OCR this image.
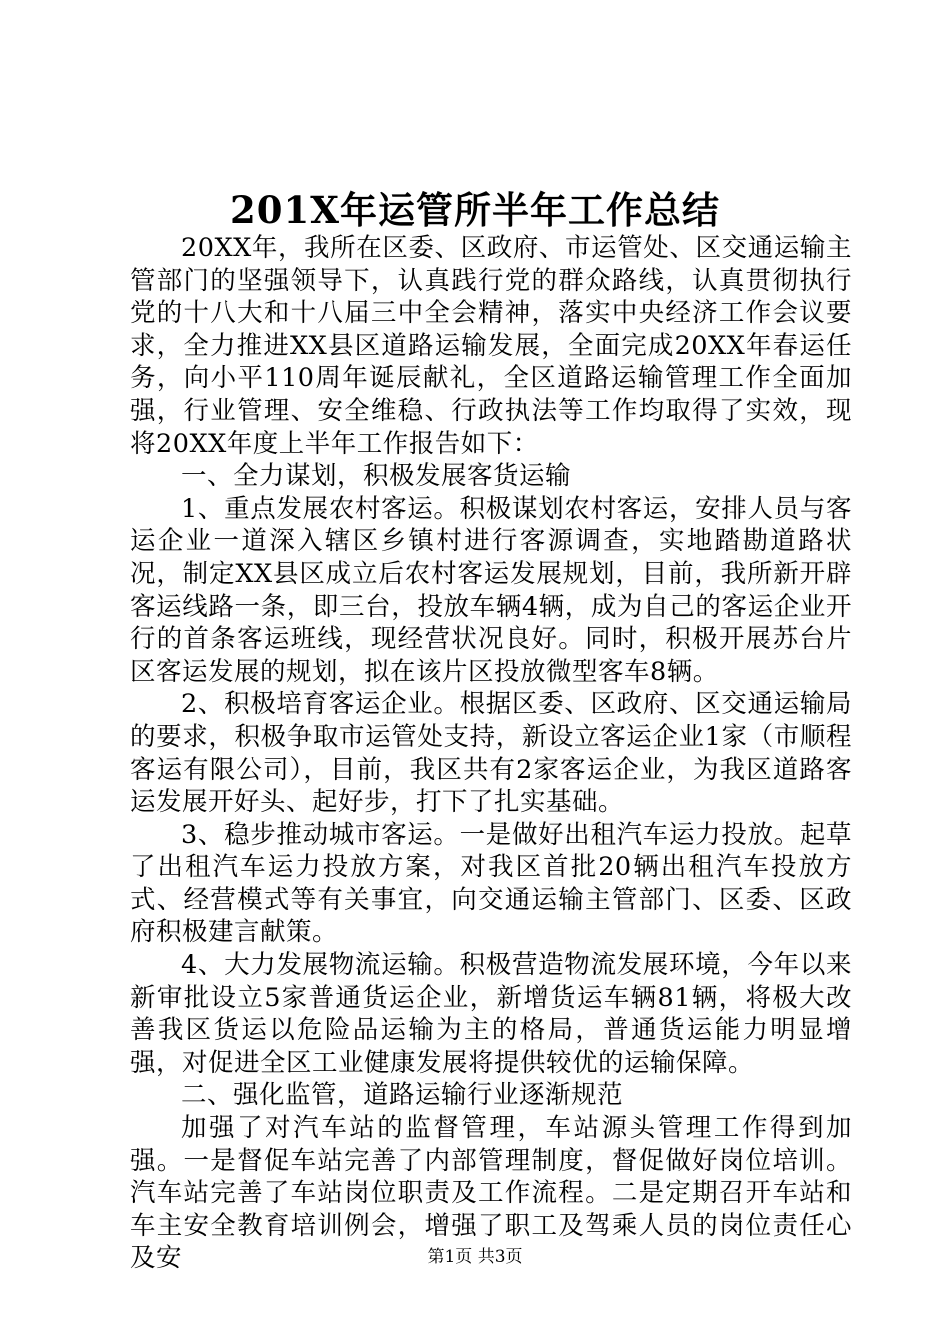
201X年运管所半年工作总结

20XX年，我所在区委、区政府、市运管处、区交通运输主管部门的坚强领导下，认真践行党的群众路线，认真贯彻执行党的十八大和十八届三中全会精神，落实中央经济工作会议要求，全力推进XX县区道路运输发展，全面完成20XX年春运任务，向小平110周年诞辰献礼，全区道路运输管理工作全面加强，行业管理、安全维稳、行政执法等工作均取得了实效，现将20XX年度上半年工作报告如下：

一、全力谋划，积极发展客货运输

1、重点发展农村客运。积极谋划农村客运，安排人员与客运企业一道深入辖区乡镇村进行客源调查，实地踏勘道路状况，制定XX县区成立后农村客运发展规划，目前，我所新开辟客运线路一条，即三台，投放车辆4辆，成为自己的客运企业开行的首条客运班线，现经营状况良好。同时，积极开展苏台片区客运发展的规划，拟在该片区投放微型客车8辆。

2、积极培育客运企业。根据区委、区政府、区交通运输局的要求，积极争取市运管处支持，新设立客运企业1家（市顺程客运有限公司），目前，我区共有2家客运企业，为我区道路客运发展开好头、起好步，打下了扎实基础。

3、稳步推动城市客运。一是做好出租汽车运力投放。起草了出租汽车运力投放方案，对我区首批20辆出租汽车投放方式、经营模式等有关事宜，向交通运输主管部门、区委、区政府积极建言献策。

4、大力发展物流运输。积极营造物流发展环境，今年以来新审批设立5家普通货运企业，新增货运车辆81辆，将极大改善我区货运以危险品运输为主的格局，普通货运能力明显增强，对促进全区工业健康发展将提供较优的运输保障。

二、强化监管，道路运输行业逐渐规范

加强了对汽车站的监督管理，车站源头管理工作得到加强。一是督促车站完善了内部管理制度，督促做好岗位培训。汽车站完善了车站岗位职责及工作流程。二是定期召开车站和车主安全教育培训例会，增强了职工及驾乘人员的岗位责任心及安	第1页 共3页
